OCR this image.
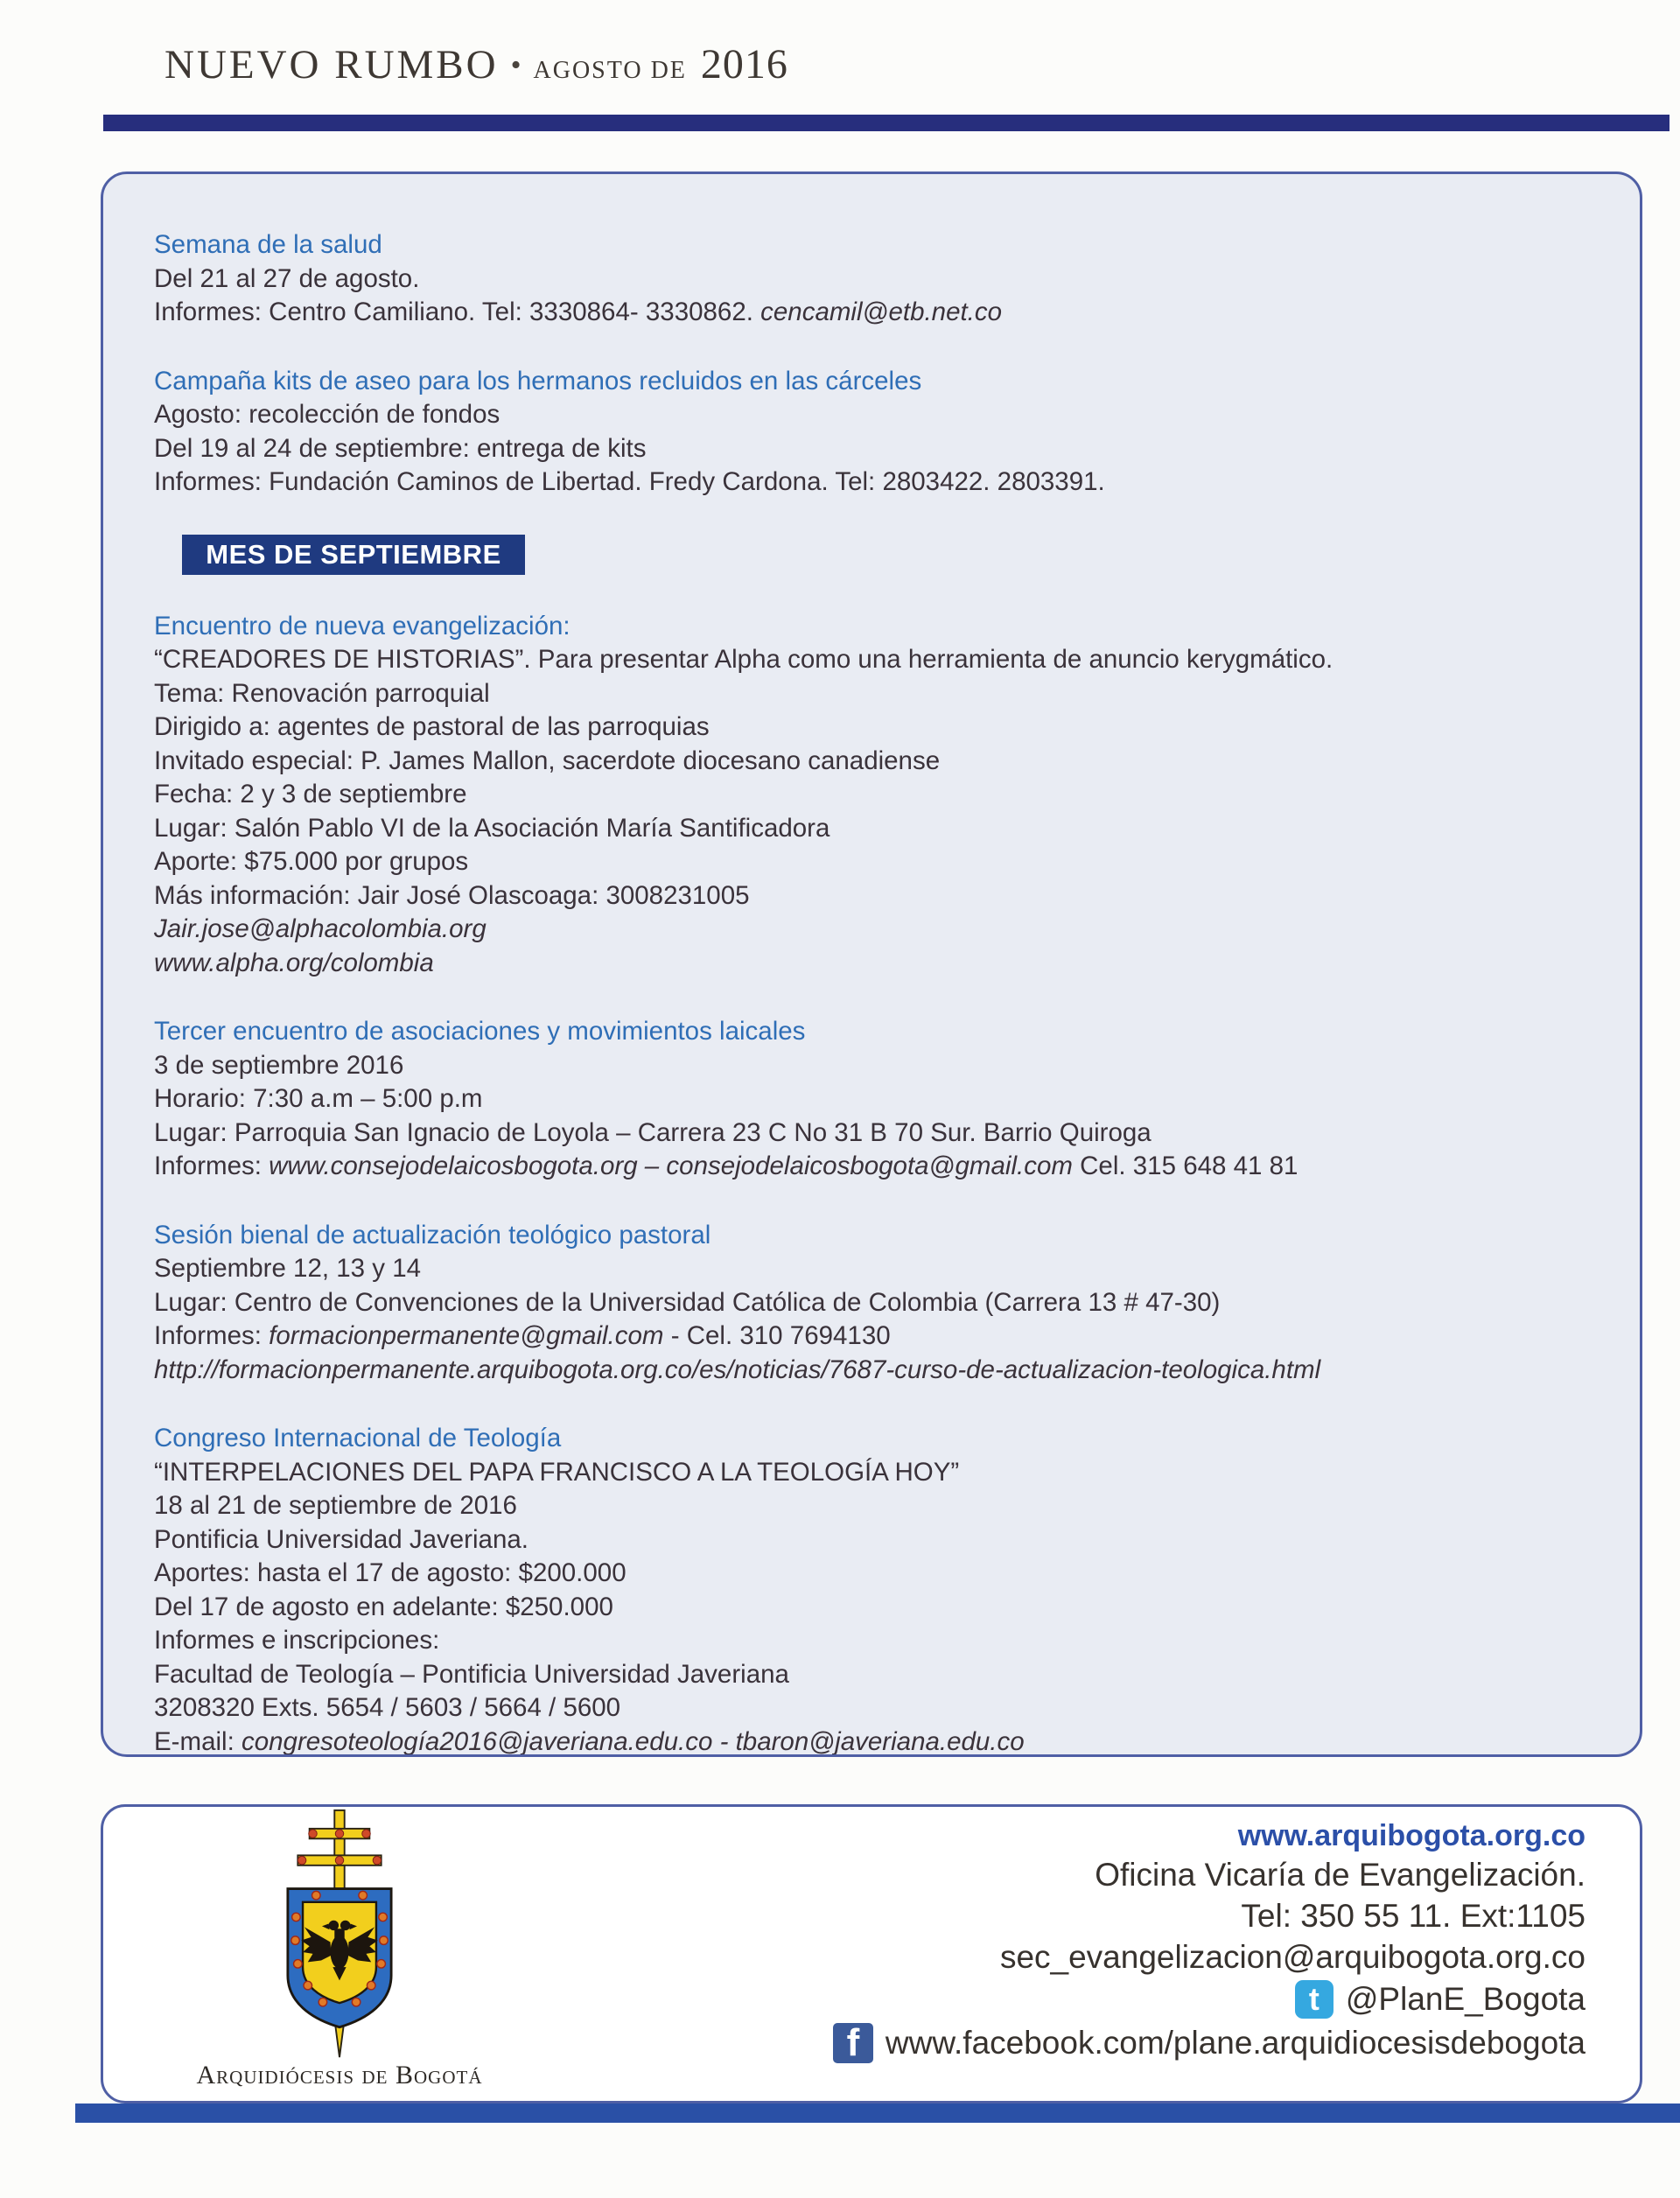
NUEVO RUMBO • AGOSTO DE 2016
Semana de la salud
Del 21 al 27 de agosto.
Informes: Centro Camiliano. Tel: 3330864- 3330862. cencamil@etb.net.co
Campaña kits de aseo para los hermanos recluidos en las cárceles
Agosto: recolección de fondos
Del 19 al 24 de septiembre: entrega de kits
Informes: Fundación Caminos de Libertad. Fredy Cardona. Tel: 2803422. 2803391.
MES DE SEPTIEMBRE
Encuentro de nueva evangelización:
“CREADORES DE HISTORIAS”. Para presentar Alpha como una herramienta de anuncio kerygmático.
Tema: Renovación parroquial
Dirigido a: agentes de pastoral de las parroquias
Invitado especial: P. James Mallon, sacerdote diocesano canadiense
Fecha: 2 y 3 de septiembre
Lugar: Salón Pablo VI de la Asociación María Santificadora
Aporte: $75.000 por grupos
Más información: Jair José Olascoaga: 3008231005
Jair.jose@alphacolombia.org
www.alpha.org/colombia
Tercer encuentro de asociaciones y movimientos laicales
3 de septiembre 2016
Horario: 7:30 a.m – 5:00 p.m
Lugar: Parroquia San Ignacio de Loyola – Carrera 23 C No 31 B 70 Sur. Barrio Quiroga
Informes: www.consejodelaicosbogota.org – consejodelaicosbogota@gmail.com Cel. 315 648 41 81
Sesión bienal de actualización teológico pastoral
Septiembre 12, 13 y 14
Lugar: Centro de Convenciones de la Universidad Católica de Colombia (Carrera 13 # 47-30)
Informes: formacionpermanente@gmail.com - Cel. 310 7694130
http://formacionpermanente.arquibogota.org.co/es/noticias/7687-curso-de-actualizacion-teologica.html
Congreso Internacional de Teología
“INTERPELACIONES DEL PAPA FRANCISCO A LA TEOLOGÍA HOY”
18 al 21 de septiembre de 2016
Pontificia Universidad Javeriana.
Aportes: hasta el 17 de agosto: $200.000
Del 17 de agosto en adelante: $250.000
Informes e inscripciones:
Facultad de Teología – Pontificia Universidad Javeriana
3208320 Exts. 5654 / 5603 / 5664 / 5600
E-mail: congresoteología2016@javeriana.edu.co - tbaron@javeriana.edu.co
Arquidiócesis de Bogotá
www.arquibogota.org.co
Oficina Vicaría de Evangelización.
Tel: 350 55 11. Ext:1105
sec_evangelizacion@arquibogota.org.co
t @PlanE_Bogota
f www.facebook.com/plane.arquidiocesisdebogota
